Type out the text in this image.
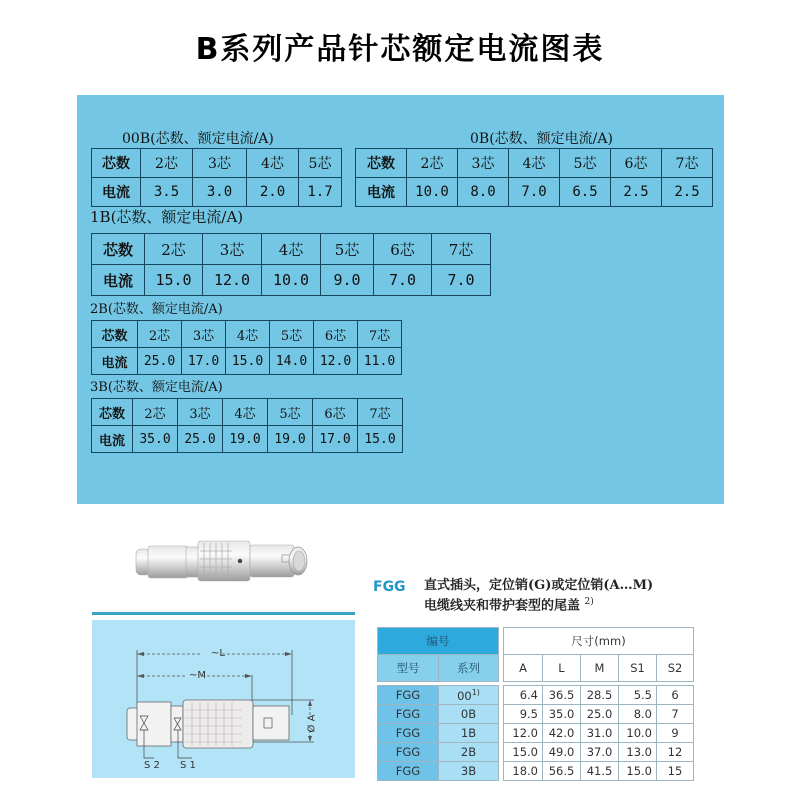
B系列产品针芯额定电流图表
00B(芯数、额定电流/A)
芯数	2芯	3芯	4芯	5芯
电流	3.5	3.0	2.0	1.7
0B(芯数、额定电流/A)
芯数	2芯	3芯	4芯	5芯	6芯	7芯
电流	10.0	8.0	7.0	6.5	2.5	2.5
1B(芯数、额定电流/A)
芯数	2芯	3芯	4芯	5芯	6芯	7芯
电流	15.0	12.0	10.0	9.0	7.0	7.0
2B(芯数、额定电流/A)
芯数	2芯	3芯	4芯	5芯	6芯	7芯
电流	25.0	17.0	15.0	14.0	12.0	11.0
3B(芯数、额定电流/A)
芯数	2芯	3芯	4芯	5芯	6芯	7芯
电流	35.0	25.0	19.0	19.0	17.0	15.0
~L
~M
Ø A
S 2 S 1
FGG 直式插头，定位销(G)或定位销(A…M)
电缆线夹和带护套型的尾盖 $^{2)}$
编号			尺寸(mm)				
型号	系列		A	L	M	S1	S2

FGG	00$^{1)}$		6.4	36.5	28.5	5.5	6
FGG	0B		9.5	35.0	25.0	8.0	7
FGG	1B		12.0	42.0	31.0	10.0	9
FGG	2B		15.0	49.0	37.0	13.0	12
FGG	3B		18.0	56.5	41.5	15.0	15
